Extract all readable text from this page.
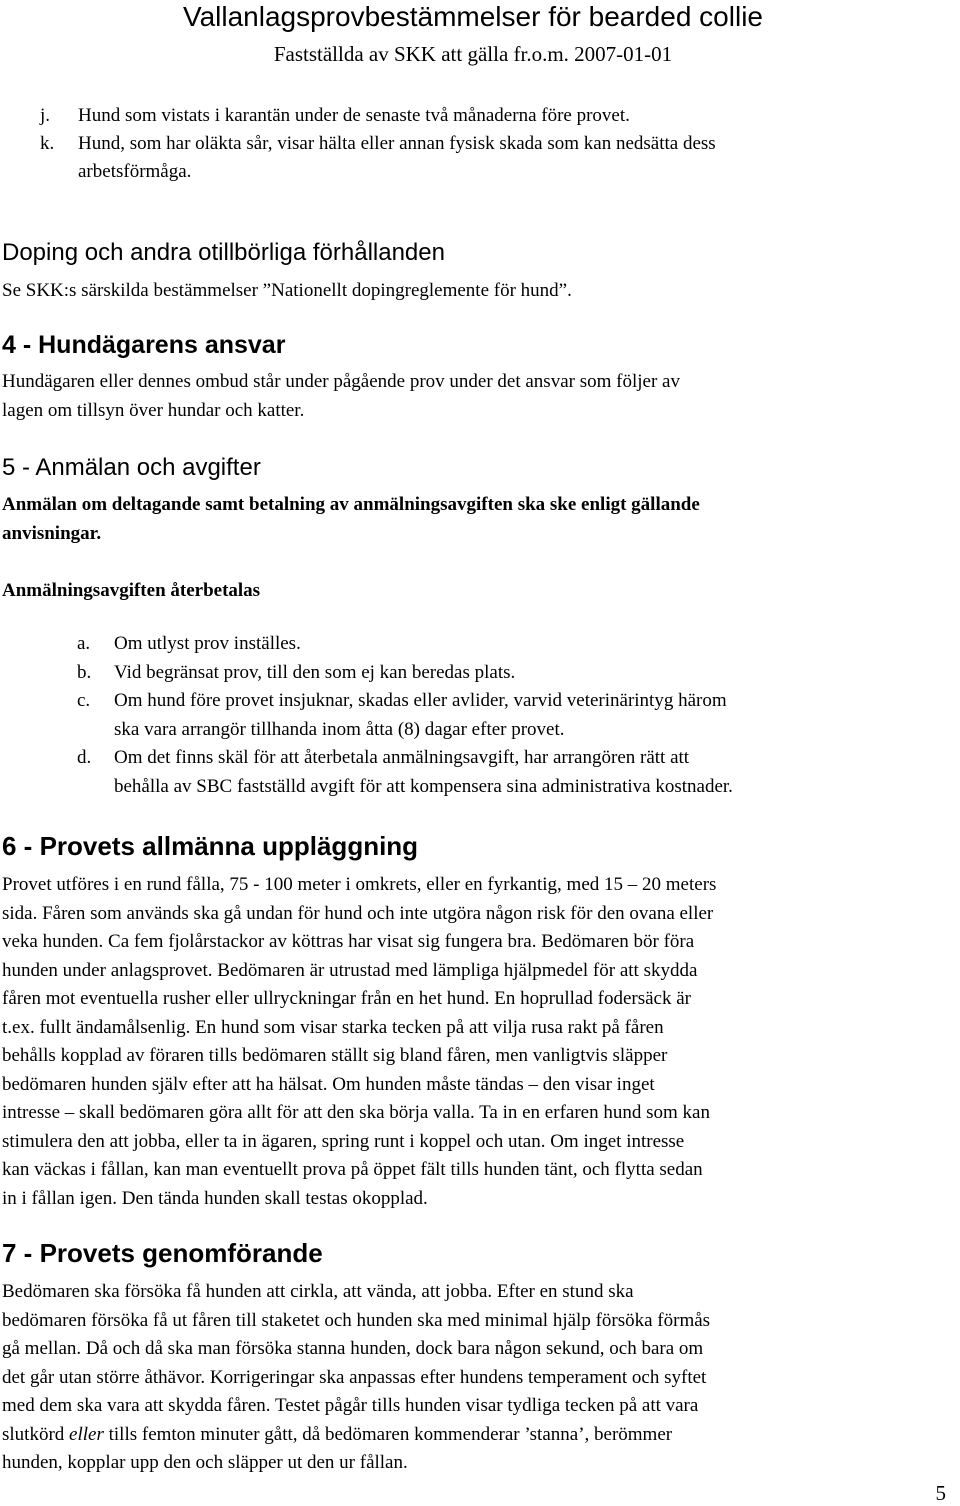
Vallanlagsprovbestämmelser för bearded collie
Fastställda av SKK att gälla fr.o.m. 2007-01-01
j.	Hund som vistats i karantän under de senaste två månaderna före provet.
k.	Hund, som har oläkta sår, visar hälta eller annan fysisk skada som kan nedsätta dess
arbetsförmåga.
Doping och andra otillbörliga förhållanden
Se SKK:s särskilda bestämmelser ”Nationellt dopingreglemente för hund”.
4 - Hundägarens ansvar
Hundägaren eller dennes ombud står under pågående prov under det ansvar som följer av
lagen om tillsyn över hundar och katter.
5 - Anmälan och avgifter
Anmälan om deltagande samt betalning av anmälningsavgiften ska ske enligt gällande
anvisningar.
Anmälningsavgiften återbetalas
a.	Om utlyst prov inställes.
b.	Vid begränsat prov, till den som ej kan beredas plats.
c.	Om hund före provet insjuknar, skadas eller avlider, varvid veterinärintyg härom
ska vara arrangör tillhanda inom åtta (8) dagar efter provet.
d.	Om det finns skäl för att återbetala anmälningsavgift, har arrangören rätt att
behålla av SBC fastställd avgift för att kompensera sina administrativa kostnader.
6 - Provets allmänna uppläggning
Provet utföres i en rund fålla, 75 - 100 meter i omkrets, eller en fyrkantig, med 15 – 20 meters
sida. Fåren som används ska gå undan för hund och inte utgöra någon risk för den ovana eller
veka hunden. Ca fem fjolårstackor av köttras har visat sig fungera bra. Bedömaren bör föra
hunden under anlagsprovet. Bedömaren är utrustad med lämpliga hjälpmedel för att skydda
fåren mot eventuella rusher eller ullryckningar från en het hund. En hoprullad fodersäck är
t.ex. fullt ändamålsenlig. En hund som visar starka tecken på att vilja rusa rakt på fåren
behålls kopplad av föraren tills bedömaren ställt sig bland fåren, men vanligtvis släpper
bedömaren hunden själv efter att ha hälsat. Om hunden måste tändas – den visar inget
intresse – skall bedömaren göra allt för att den ska börja valla. Ta in en erfaren hund som kan
stimulera den att jobba, eller ta in ägaren, spring runt i koppel och utan. Om inget intresse
kan väckas i fållan, kan man eventuellt prova på öppet fält tills hunden tänt, och flytta sedan
in i fållan igen. Den tända hunden skall testas okopplad.
7 - Provets genomförande
Bedömaren ska försöka få hunden att cirkla, att vända, att jobba. Efter en stund ska
bedömaren försöka få ut fåren till staketet och hunden ska med minimal hjälp försöka förmås
gå mellan. Då och då ska man försöka stanna hunden, dock bara någon sekund, och bara om
det går utan större åthävor. Korrigeringar ska anpassas efter hundens temperament och syftet
med dem ska vara att skydda fåren. Testet pågår tills hunden visar tydliga tecken på att vara
slutkörd eller tills femton minuter gått, då bedömaren kommenderar ’stanna’, berömmer
hunden, kopplar upp den och släpper ut den ur fållan.
5
